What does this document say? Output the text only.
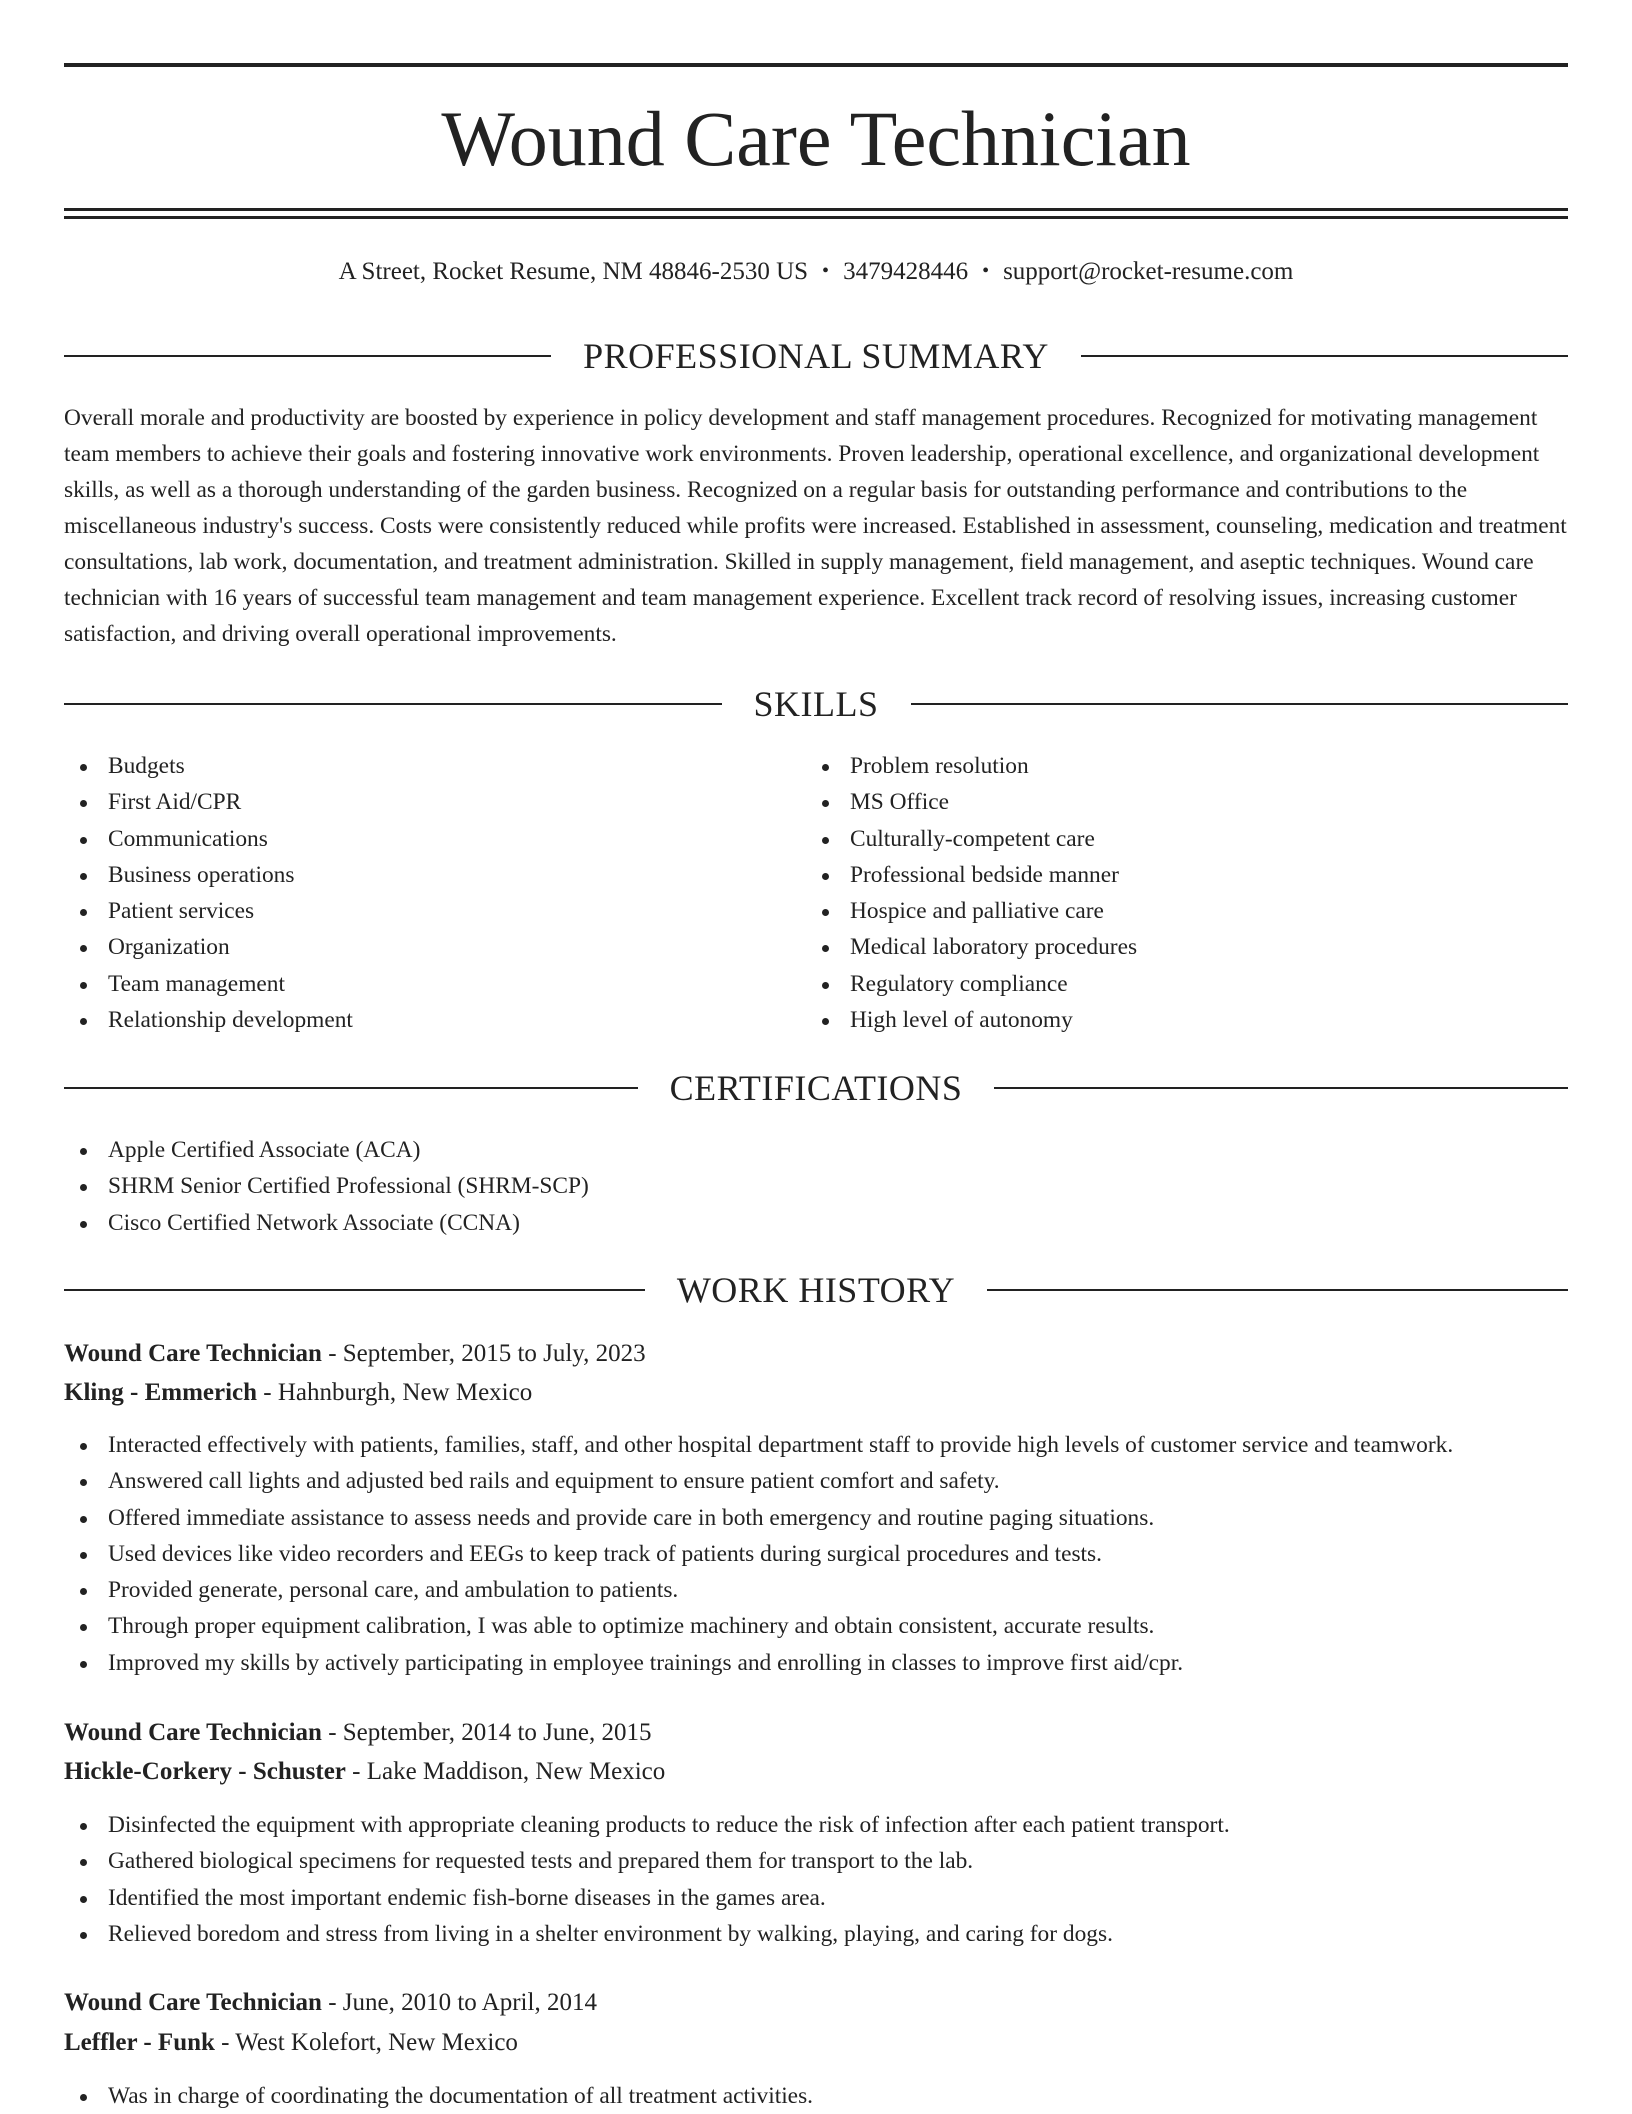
Wound Care Technician
A Street, Rocket Resume, NM 48846-2530 US • 3479428446 • support@rocket-resume.com
PROFESSIONAL SUMMARY

Overall morale and productivity are boosted by experience in policy development and staff management procedures. Recognized for motivating management team members to achieve their goals and fostering innovative work environments. Proven leadership, operational excellence, and organizational development skills, as well as a thorough understanding of the garden business. Recognized on a regular basis for outstanding performance and contributions to the miscellaneous industry's success. Costs were consistently reduced while profits were increased. Established in assessment, counseling, medication and treatment consultations, lab work, documentation, and treatment administration. Skilled in supply management, field management, and aseptic techniques. Wound care technician with 16 years of successful team management and team management experience. Excellent track record of resolving issues, increasing customer satisfaction, and driving overall operational improvements.

SKILLS
Budgets
First Aid/CPR
Communications
Business operations
Patient services
Organization
Team management
Relationship development
Problem resolution
MS Office
Culturally-competent care
Professional bedside manner
Hospice and palliative care
Medical laboratory procedures
Regulatory compliance
High level of autonomy
CERTIFICATIONS
Apple Certified Associate (ACA)
SHRM Senior Certified Professional (SHRM-SCP)
Cisco Certified Network Associate (CCNA)
WORK HISTORY
Wound Care Technician - September, 2015 to July, 2023
Kling - Emmerich - Hahnburgh, New Mexico
Interacted effectively with patients, families, staff, and other hospital department staff to provide high levels of customer service and teamwork.
Answered call lights and adjusted bed rails and equipment to ensure patient comfort and safety.
Offered immediate assistance to assess needs and provide care in both emergency and routine paging situations.
Used devices like video recorders and EEGs to keep track of patients during surgical procedures and tests.
Provided generate, personal care, and ambulation to patients.
Through proper equipment calibration, I was able to optimize machinery and obtain consistent, accurate results.
Improved my skills by actively participating in employee trainings and enrolling in classes to improve first aid/cpr.
Wound Care Technician - September, 2014 to June, 2015
Hickle-Corkery - Schuster - Lake Maddison, New Mexico
Disinfected the equipment with appropriate cleaning products to reduce the risk of infection after each patient transport.
Gathered biological specimens for requested tests and prepared them for transport to the lab.
Identified the most important endemic fish-borne diseases in the games area.
Relieved boredom and stress from living in a shelter environment by walking, playing, and caring for dogs.
Wound Care Technician - June, 2010 to April, 2014
Leffler - Funk - West Kolefort, New Mexico
Was in charge of coordinating the documentation of all treatment activities.
